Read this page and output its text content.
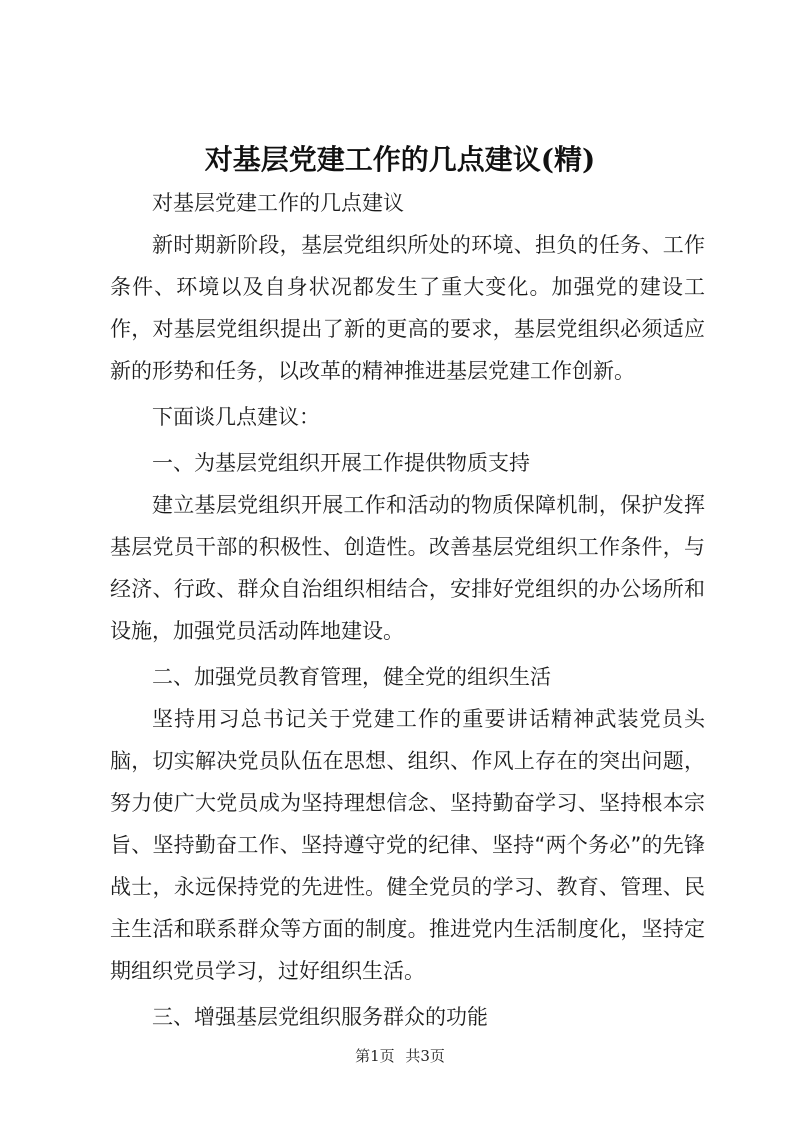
对基层党建工作的几点建议(精)

对基层党建工作的几点建议

新时期新阶段，基层党组织所处的环境、担负的任务、工作条件、环境以及自身状况都发生了重大变化。加强党的建设工作，对基层党组织提出了新的更高的要求，基层党组织必须适应新的形势和任务，以改革的精神推进基层党建工作创新。

下面谈几点建议：

一、为基层党组织开展工作提供物质支持

建立基层党组织开展工作和活动的物质保障机制，保护发挥基层党员干部的积极性、创造性。改善基层党组织工作条件，与经济、行政、群众自治组织相结合，安排好党组织的办公场所和设施，加强党员活动阵地建设。

二、加强党员教育管理，健全党的组织生活

坚持用习总书记关于党建工作的重要讲话精神武装党员头脑，切实解决党员队伍在思想、组织、作风上存在的突出问题，努力使广大党员成为坚持理想信念、坚持勤奋学习、坚持根本宗旨、坚持勤奋工作、坚持遵守党的纪律、坚持“两个务必”的先锋战士，永远保持党的先进性。健全党员的学习、教育、管理、民主生活和联系群众等方面的制度。推进党内生活制度化，坚持定期组织党员学习，过好组织生活。

三、增强基层党组织服务群众的功能

第1页 共3页
